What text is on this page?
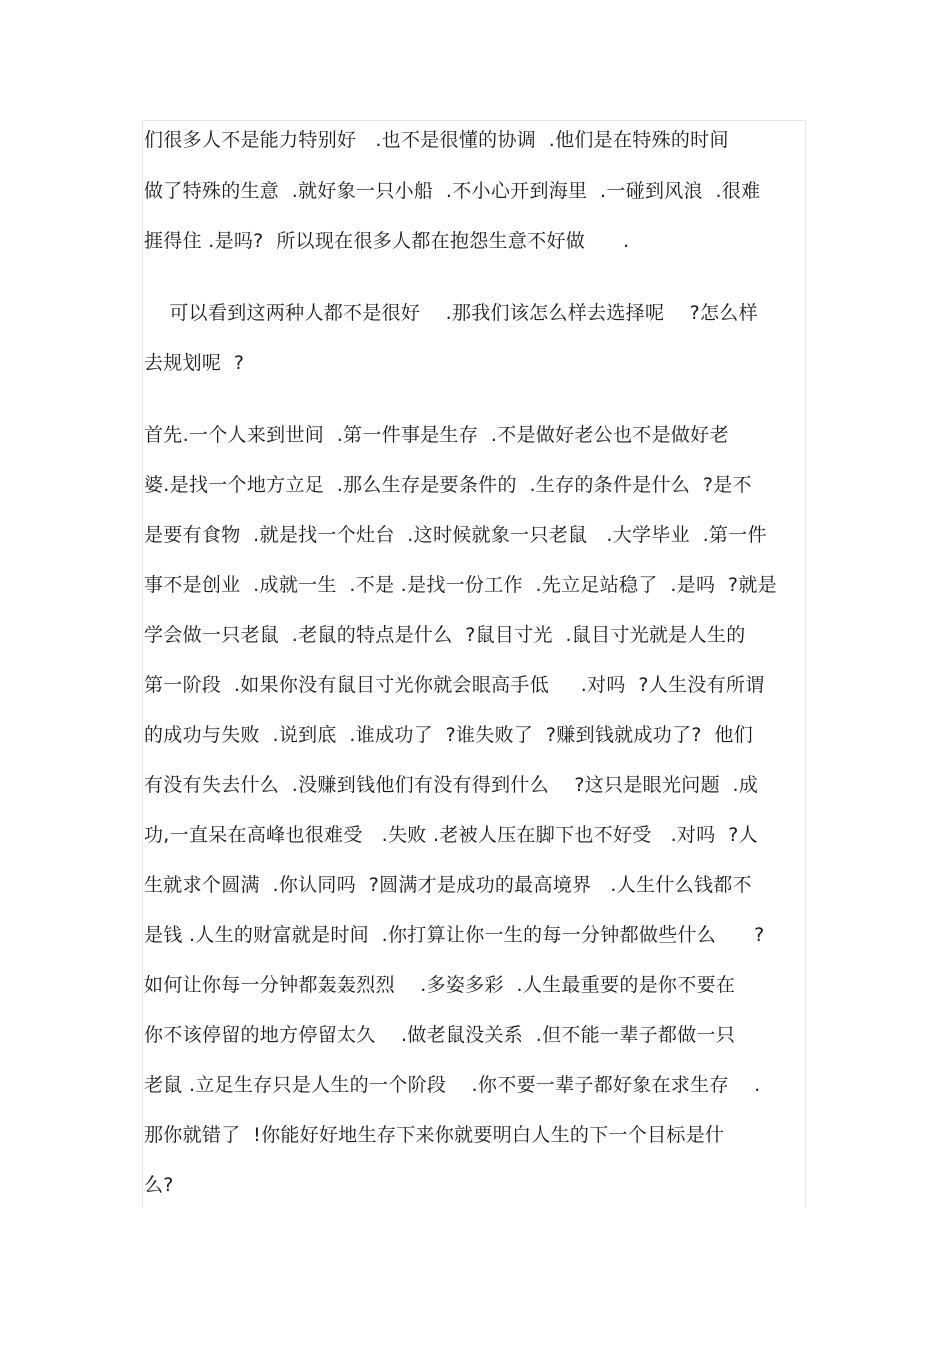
们很多人不是能力特别好   .也不是很懂的协调  .他们是在特殊的时间
做了特殊的生意  .就好象一只小船  .不小心开到海里  .一碰到风浪  .很难
捱得住 .是吗?  所以现在很多人都在抱怨生意不好做      .
可以看到这两种人都不是很好    .那我们该怎么样去选择呢    ?怎么样
去规划呢  ?
首先.一个人来到世间  .第一件事是生存  .不是做好老公也不是做好老
婆.是找一个地方立足  .那么生存是要条件的  .生存的条件是什么  ?是不
是要有食物  .就是找一个灶台  .这时候就象一只老鼠   .大学毕业  .第一件
事不是创业  .成就一生  .不是 .是找一份工作  .先立足站稳了  .是吗  ?就是
学会做一只老鼠  .老鼠的特点是什么  ?鼠目寸光  .鼠目寸光就是人生的
第一阶段  .如果你没有鼠目寸光你就会眼高手低     .对吗  ?人生没有所谓
的成功与失败  .说到底  .谁成功了  ?谁失败了  ?赚到钱就成功了?  他们
有没有失去什么  .没赚到钱他们有没有得到什么    ?这只是眼光问题  .成
功,一直呆在高峰也很难受   .失败 .老被人压在脚下也不好受   .对吗  ?人
生就求个圆满  .你认同吗  ?圆满才是成功的最高境界   .人生什么钱都不
是钱 .人生的财富就是时间  .你打算让你一生的每一分钟都做些什么      ?
如何让你每一分钟都轰轰烈烈    .多姿多彩  .人生最重要的是你不要在
你不该停留的地方停留太久    .做老鼠没关系  .但不能一辈子都做一只
老鼠 .立足生存只是人生的一个阶段    .你不要一辈子都好象在求生存    .
那你就错了  !你能好好地生存下来你就要明白人生的下一个目标是什
么?
